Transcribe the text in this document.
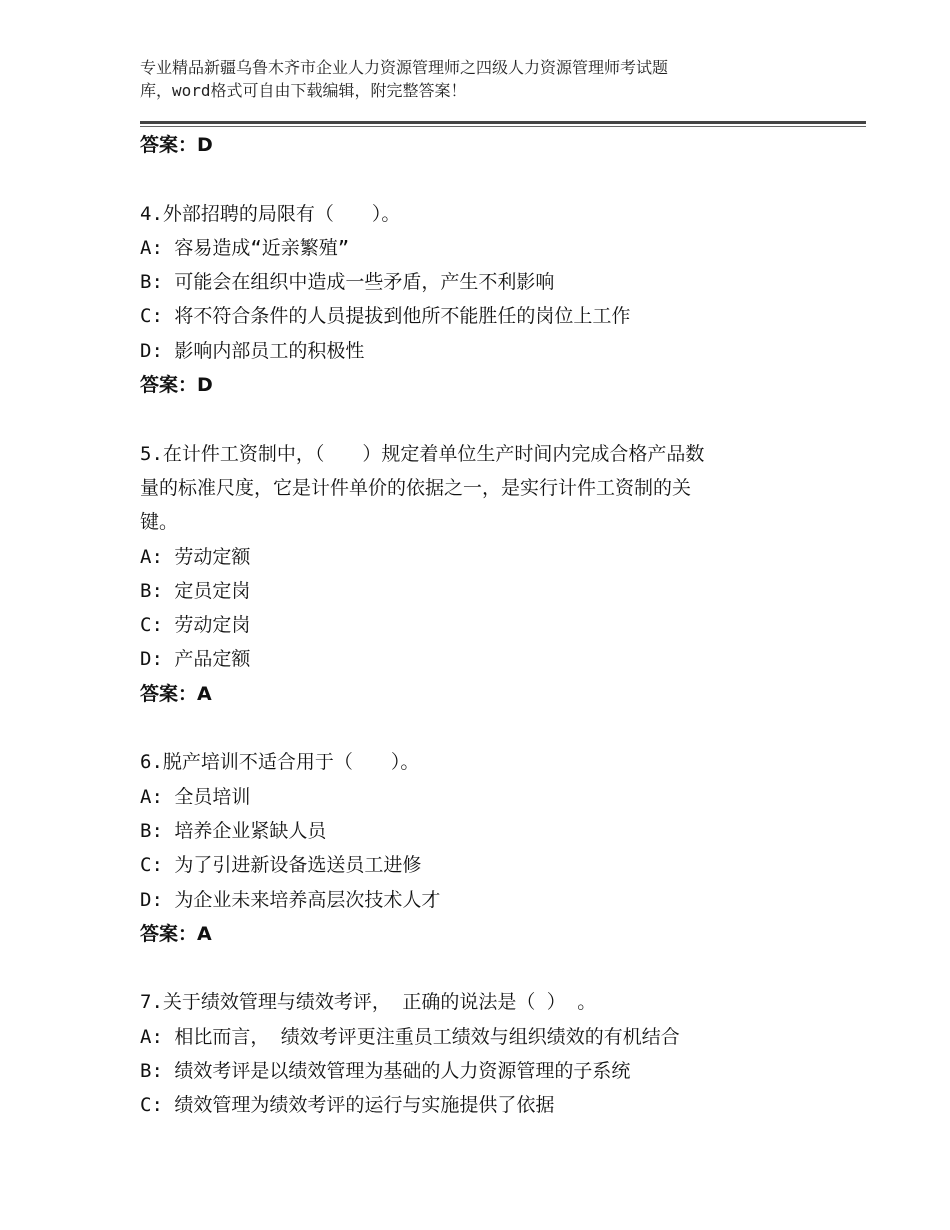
专业精品新疆乌鲁木齐市企业人力资源管理师之四级人力资源管理师考试题
库，word格式可自由下载编辑，附完整答案！
答案：D
4.外部招聘的局限有（　　）。
A: 容易造成“近亲繁殖”
B: 可能会在组织中造成一些矛盾，产生不利影响
C: 将不符合条件的人员提拔到他所不能胜任的岗位上工作
D: 影响内部员工的积极性
答案：D
5.在计件工资制中，（　　）规定着单位生产时间内完成合格产品数
量的标准尺度，它是计件单价的依据之一，是实行计件工资制的关
键。
A: 劳动定额
B: 定员定岗
C: 劳动定岗
D: 产品定额
答案：A
6.脱产培训不适合用于（　　）。
A: 全员培训
B: 培养企业紧缺人员
C: 为了引进新设备选送员工进修
D: 为企业未来培养高层次技术人才
答案：A
7.关于绩效管理与绩效考评， 正确的说法是（ ） 。
A: 相比而言， 绩效考评更注重员工绩效与组织绩效的有机结合
B: 绩效考评是以绩效管理为基础的人力资源管理的子系统
C: 绩效管理为绩效考评的运行与实施提供了依据
